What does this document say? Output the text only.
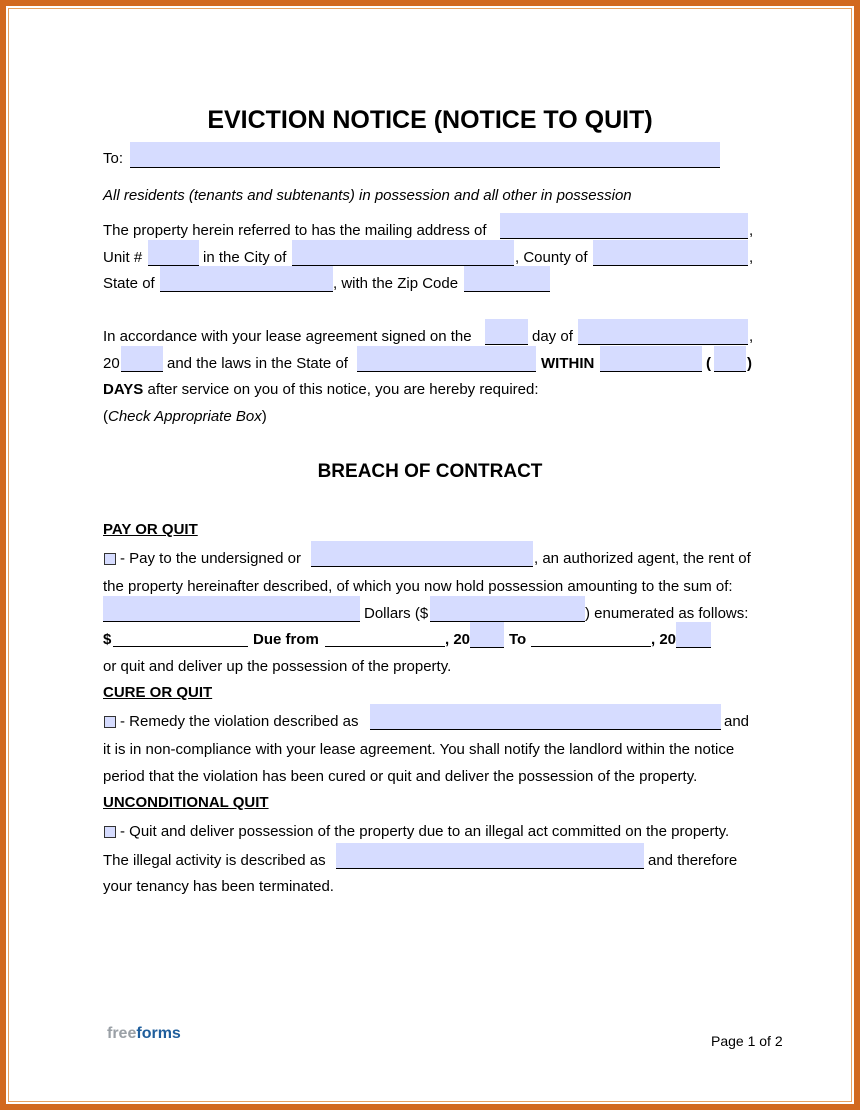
EVICTION NOTICE (NOTICE TO QUIT)
To:
All residents (tenants and subtenants) in possession and all other in possession
The property herein referred to has the mailing address of	,
Unit #	in the City of	, County of	,
State of	, with the Zip Code
In accordance with your lease agreement signed on the	day of	,
20	and the laws in the State of	WITHIN	( )
DAYS after service on you of this notice, you are hereby required:
(Check Appropriate Box)
BREACH OF CONTRACT
PAY OR QUIT
- Pay to the undersigned or	, an authorized agent, the rent of
the property hereinafter described, of which you now hold possession amounting to the sum of:
Dollars ($	) enumerated as follows:
$	Due from	, 20	To	, 20
or quit and deliver up the possession of the property.
CURE OR QUIT
- Remedy the violation described as	and
it is in non-compliance with your lease agreement. You shall notify the landlord within the notice
period that the violation has been cured or quit and deliver the possession of the property.
UNCONDITIONAL QUIT
- Quit and deliver possession of the property due to an illegal act committed on the property.
The illegal activity is described as	and therefore
your tenancy has been terminated.
freeforms	Page 1 of 2
